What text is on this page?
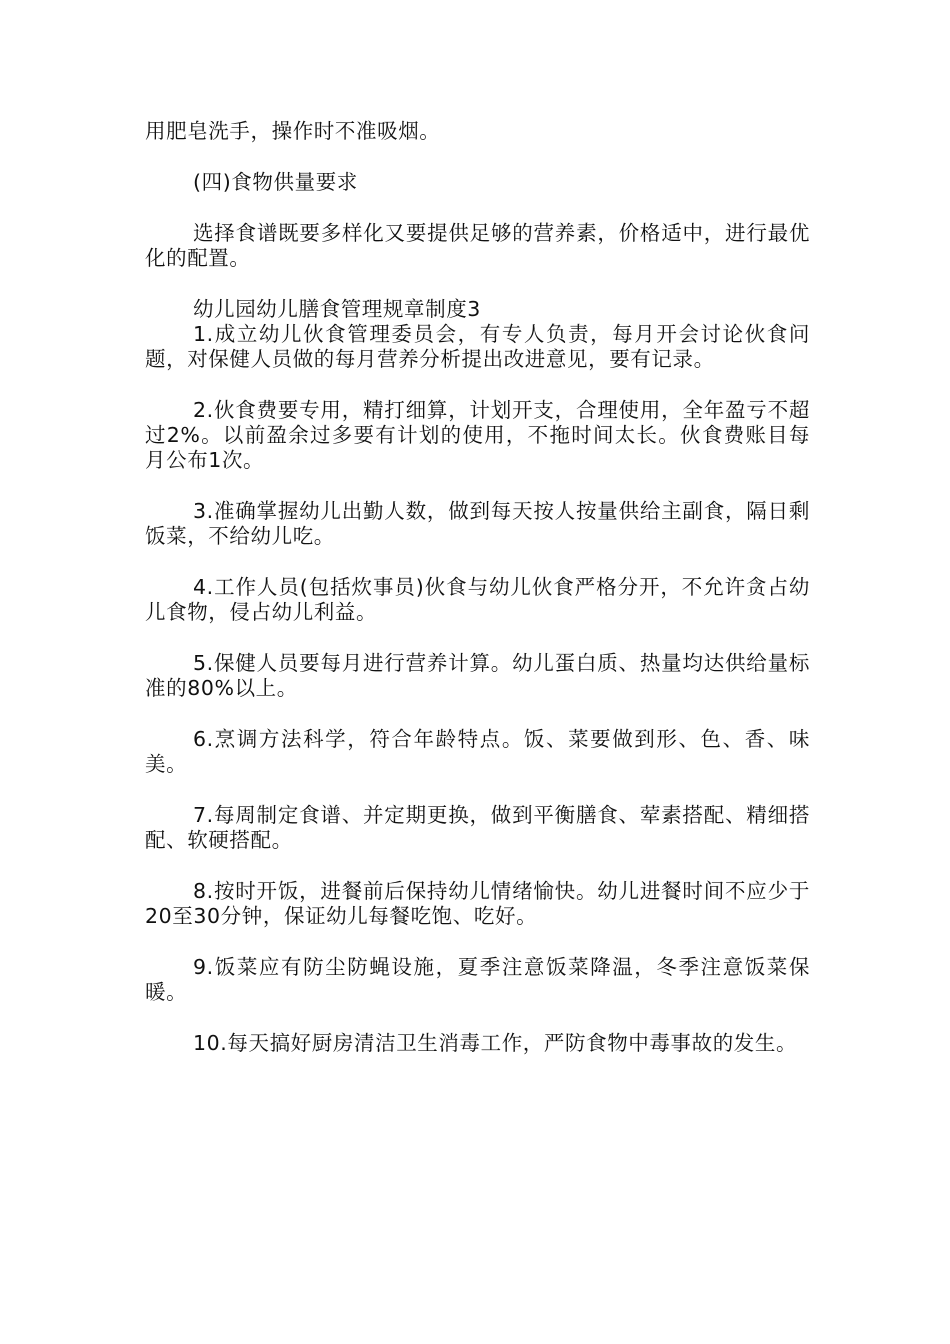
用肥皂洗手，操作时不准吸烟。

(四)食物供量要求

选择食谱既要多样化又要提供足够的营养素，价格适中，进行最优化的配置。

幼儿园幼儿膳食管理规章制度3

1.成立幼儿伙食管理委员会，有专人负责，每月开会讨论伙食问题，对保健人员做的每月营养分析提出改进意见，要有记录。

2.伙食费要专用，精打细算，计划开支，合理使用，全年盈亏不超过2%。以前盈余过多要有计划的使用，不拖时间太长。伙食费账目每月公布1次。

3.准确掌握幼儿出勤人数，做到每天按人按量供给主副食，隔日剩饭菜，不给幼儿吃。

4.工作人员(包括炊事员)伙食与幼儿伙食严格分开，不允许贪占幼儿食物，侵占幼儿利益。

5.保健人员要每月进行营养计算。幼儿蛋白质、热量均达供给量标准的80%以上。

6.烹调方法科学，符合年龄特点。饭、菜要做到形、色、香、味美。

7.每周制定食谱、并定期更换，做到平衡膳食、荤素搭配、精细搭配、软硬搭配。

8.按时开饭，进餐前后保持幼儿情绪愉快。幼儿进餐时间不应少于20至30分钟，保证幼儿每餐吃饱、吃好。

9.饭菜应有防尘防蝇设施，夏季注意饭菜降温，冬季注意饭菜保暖。

10.每天搞好厨房清洁卫生消毒工作，严防食物中毒事故的发生。
